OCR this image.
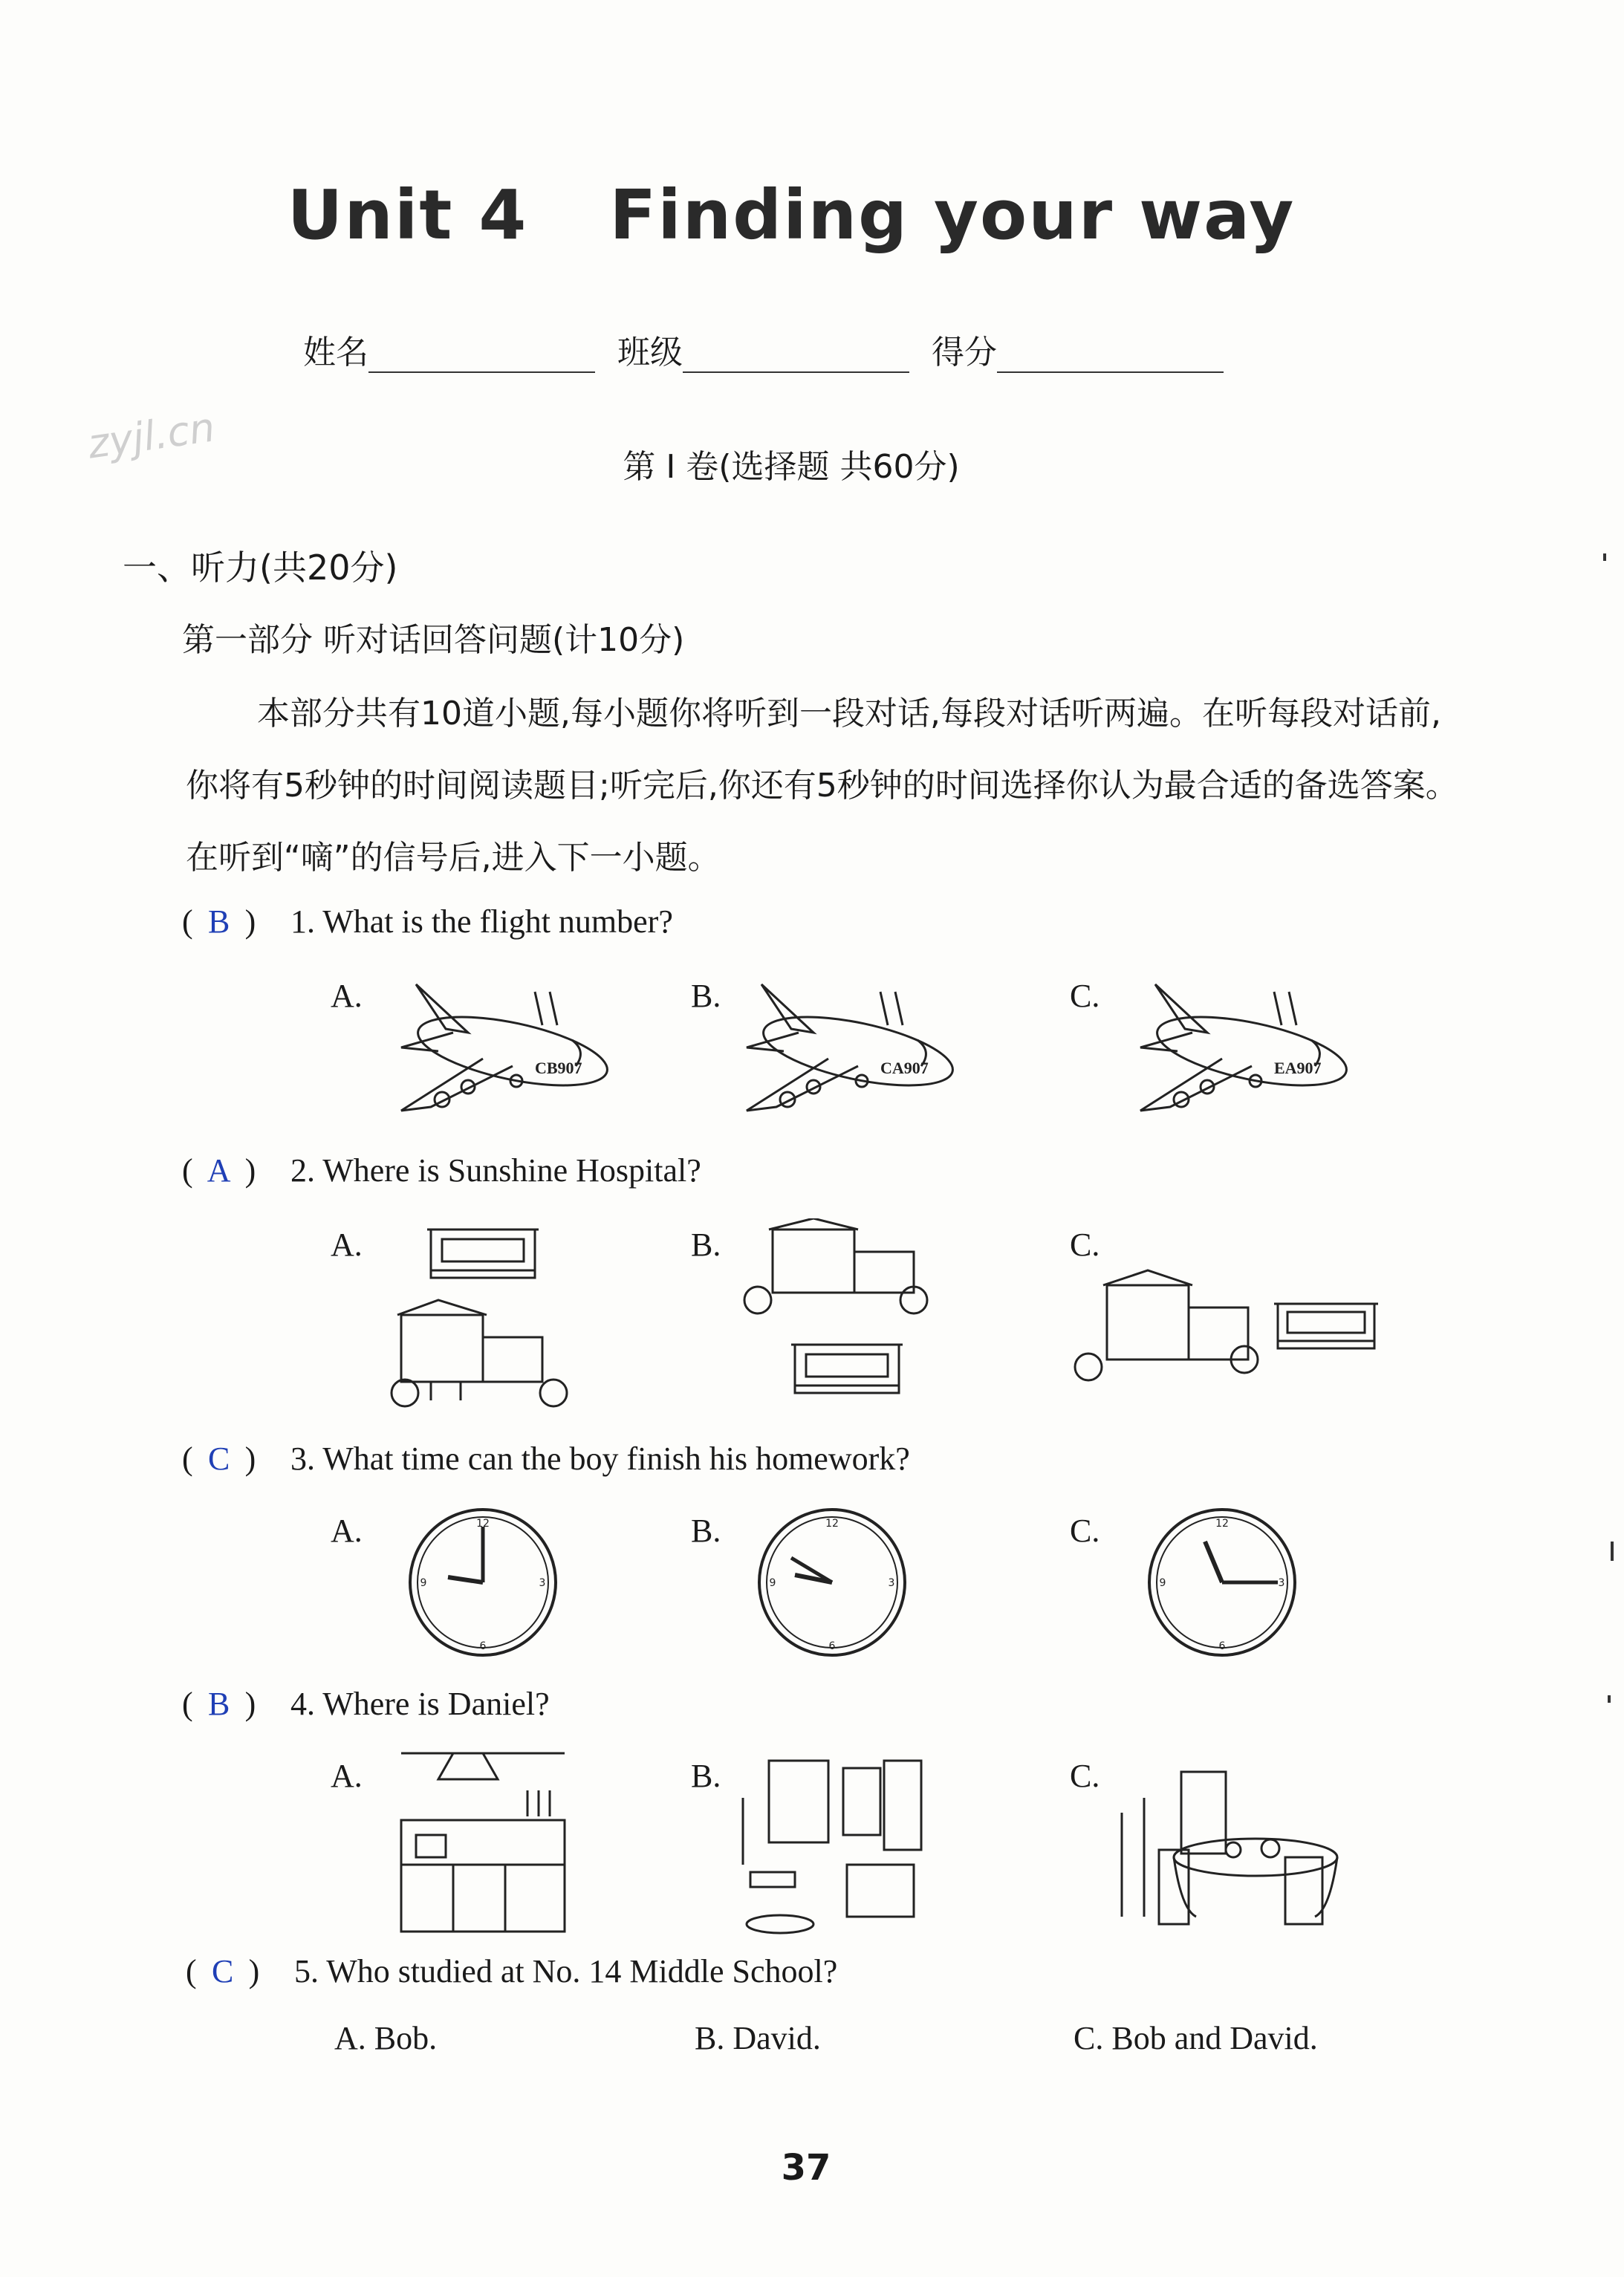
Unit 4 Finding your way
姓名	班级	得分
zyjl.cn	第 I 卷(选择题 共60分)
一、听力(共20分)
第一部分 听对话回答问题(计10分)
本部分共有10道小题,每小题你将听到一段对话,每段对话听两遍。在听每段对话前,你将有5秒钟的时间阅读题目;听完后,你还有5秒钟的时间选择你认为最合适的备选答案。在听到“嘀”的信号后,进入下一小题。
( B ) 1. What is the flight number?
A.	B.	C.
CB907	CA907	EA907
( A ) 2. Where is Sunshine Hospital?
A.	B.	C.
( C ) 3. What time can the boy finish his homework?
A.	B.	C.
12
3
6
9
12
3
6
9
12
3
6
9
( B ) 4. Where is Daniel?
A.	B.	C.
( C ) 5. Who studied at No. 14 Middle School?
A. Bob.	B. David.	C. Bob and David.
37
